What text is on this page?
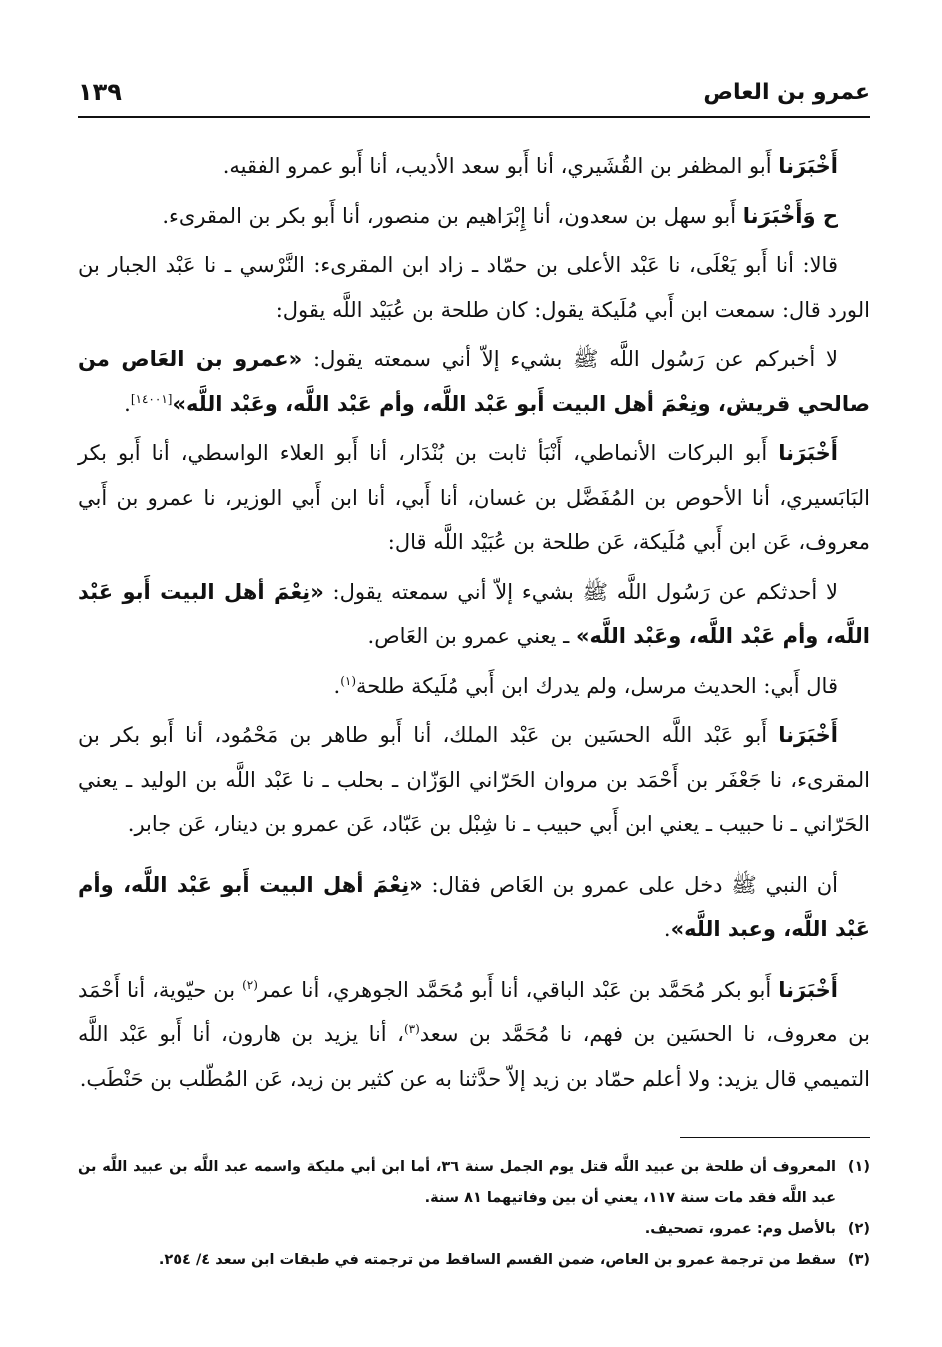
عمرو بن العاص
١٣٩

أَخْبَرَنا أَبو المظفر بن القُشَيري، أنا أَبو سعد الأديب، أنا أَبو عمرو الفقيه.

ح وَأَخْبَرَنا أَبو سهل بن سعدون، أنا إِبْرَاهيم بن منصور، أنا أَبو بكر بن المقرىء.

قالا: أنا أَبو يَعْلَى، نا عَبْد الأعلى بن حمّاد ـ زاد ابن المقرىء: النَّرْسي ـ نا عَبْد الجبار بن الورد قال: سمعت ابن أَبي مُلَيكة يقول: كان طلحة بن عُبَيْد اللَّه يقول:

لا أخبركم عن رَسُول اللَّه ﷺ بشيء إلاّ أني سمعته يقول: «عمرو بن العَاص من صالحي قريش، ونِعْمَ أهل البيت أَبو عَبْد اللَّه، وأم عَبْد اللَّه، وعَبْد اللَّه»[١٤٠٠١].

أَخْبَرَنا أَبو البركات الأنماطي، أَنْبَأ ثابت بن بُنْدَار، أنا أَبو العلاء الواسطي، أنا أَبو بكر البَابَسيري، أنا الأحوص بن المُفَضَّل بن غسان، أنا أَبي، أنا ابن أَبي الوزير، نا عمرو بن أَبي معروف، عَن ابن أَبي مُلَيكة، عَن طلحة بن عُبَيْد اللَّه قال:

لا أحدثكم عن رَسُول اللَّه ﷺ بشيء إلاّ أني سمعته يقول: «نِعْمَ أهل البيت أَبو عَبْد اللَّه، وأم عَبْد اللَّه، وعَبْد اللَّه» ـ يعني عمرو بن العَاص.

قال أَبي: الحديث مرسل، ولم يدرك ابن أَبي مُلَيكة طلحة$^{(١)}$.

أَخْبَرَنا أَبو عَبْد اللَّه الحسَين بن عَبْد الملك، أنا أَبو طاهر بن مَحْمُود، أنا أَبو بكر بن المقرىء، نا جَعْفَر بن أَحْمَد بن مروان الحَرّاني الوَزّان ـ بحلب ـ نا عَبْد اللَّه بن الوليد ـ يعني الحَرّاني ـ نا حبيب ـ يعني ابن أَبي حبيب ـ نا شِبْل بن عَبّاد، عَن عمرو بن دينار، عَن جابر.

أن النبي ﷺ دخل على عمرو بن العَاص فقال: «نِعْمَ أهل البيت أَبو عَبْد اللَّه، وأم عَبْد اللَّه، وعبد اللَّه».

أَخْبَرَنا أَبو بكر مُحَمَّد بن عَبْد الباقي، أنا أَبو مُحَمَّد الجوهري، أنا عمر$^{(٢)}$ بن حيّوية، أنا أَحْمَد بن معروف، نا الحسَين بن فهم، نا مُحَمَّد بن سعد$^{(٣)}$، أنا يزيد بن هارون، أنا أَبو عَبْد اللَّه التميمي قال يزيد: ولا أعلم حمّاد بن زيد إلاّ حدَّثنا به عن كثير بن زيد، عَن المُطّلب بن حَنْطَب.

(١)
المعروف أن طلحة بن عبيد اللَّه قتل يوم الجمل سنة ٣٦، أما ابن أبي مليكة واسمه عبد اللَّه بن عبيد اللَّه بن عبد اللَّه فقد مات سنة ١١٧، يعني أن بين وفاتيهما ٨١ سنة.
(٢)
بالأصل وم: عمرو، تصحيف.
(٣)
سقط من ترجمة عمرو بن العاص، ضمن القسم الساقط من ترجمته في طبقات ابن سعد ٤/ ٢٥٤.
